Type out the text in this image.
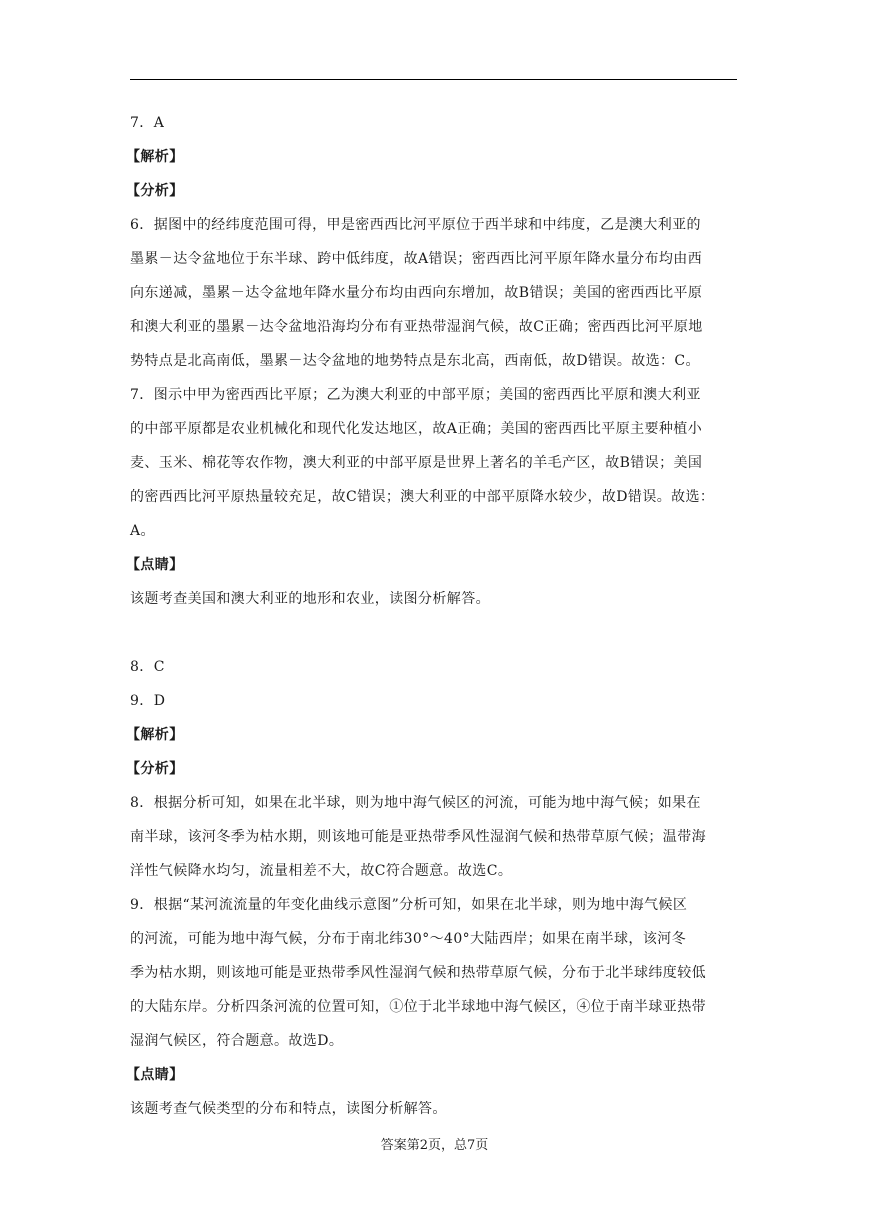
7．A
【解析】
【分析】
6．据图中的经纬度范围可得，甲是密西西比河平原位于西半球和中纬度，乙是澳大利亚的
墨累－达令盆地位于东半球、跨中低纬度，故A错误；密西西比河平原年降水量分布均由西
向东递减，墨累－达令盆地年降水量分布均由西向东增加，故B错误；美国的密西西比平原
和澳大利亚的墨累－达令盆地沿海均分布有亚热带湿润气候，故C正确；密西西比河平原地
势特点是北高南低，墨累－达令盆地的地势特点是东北高，西南低，故D错误。故选：C。
7．图示中甲为密西西比平原；乙为澳大利亚的中部平原；美国的密西西比平原和澳大利亚
的中部平原都是农业机械化和现代化发达地区，故A正确；美国的密西西比平原主要种植小
麦、玉米、棉花等农作物，澳大利亚的中部平原是世界上著名的羊毛产区，故B错误；美国
的密西西比河平原热量较充足，故C错误；澳大利亚的中部平原降水较少，故D错误。故选：
A。
【点睛】
该题考查美国和澳大利亚的地形和农业，读图分析解答。
8．C
9．D
【解析】
【分析】
8．根据分析可知，如果在北半球，则为地中海气候区的河流，可能为地中海气候；如果在
南半球，该河冬季为枯水期，则该地可能是亚热带季风性湿润气候和热带草原气候；温带海
洋性气候降水均匀，流量相差不大，故C符合题意。故选C。
9．根据“某河流流量的年变化曲线示意图”分析可知，如果在北半球，则为地中海气候区
的河流，可能为地中海气候，分布于南北纬30°～40°大陆西岸；如果在南半球，该河冬
季为枯水期，则该地可能是亚热带季风性湿润气候和热带草原气候，分布于北半球纬度较低
的大陆东岸。分析四条河流的位置可知，①位于北半球地中海气候区，④位于南半球亚热带
湿润气候区，符合题意。故选D。
【点睛】
该题考查气候类型的分布和特点，读图分析解答。
答案第2页，总7页
